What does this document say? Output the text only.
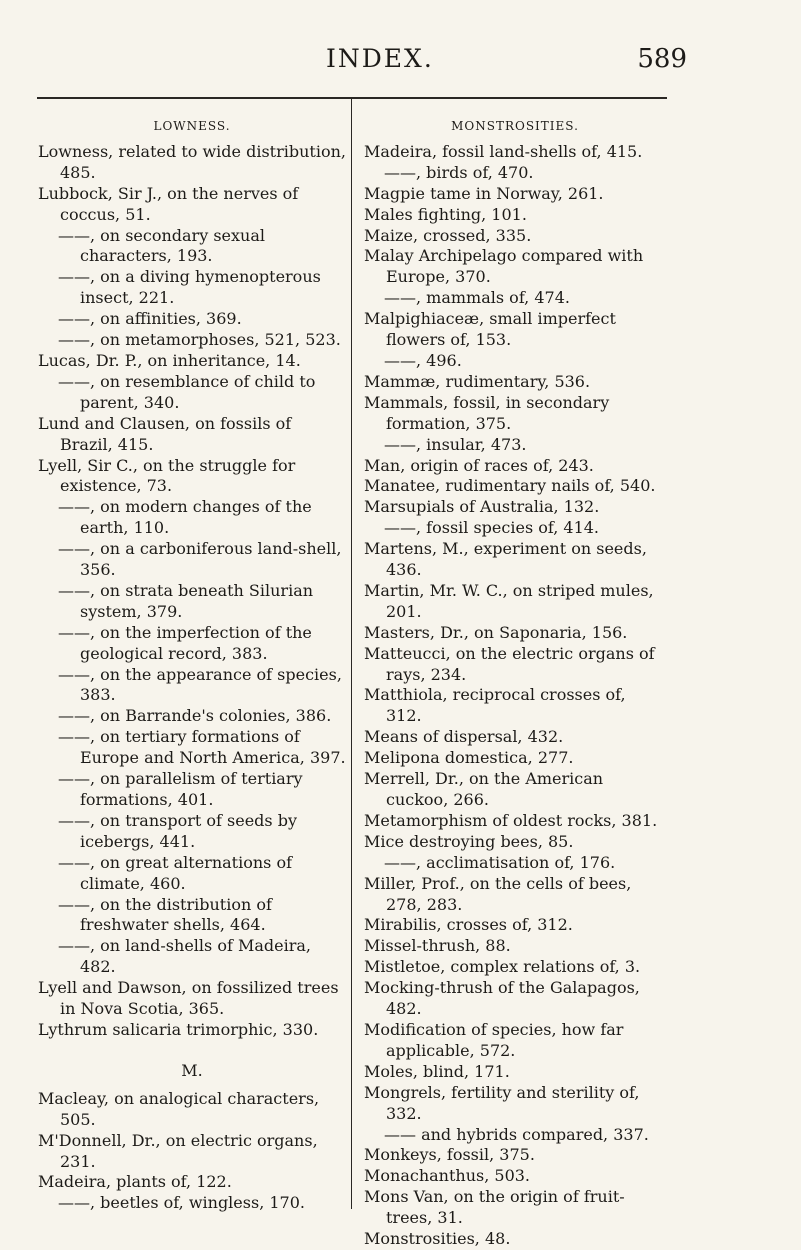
INDEX.	589
LOWNESS.
Lowness, related to wide distribution, 485.
Lubbock, Sir J., on the nerves of coccus, 51.
——, on secondary sexual characters, 193.
——, on a diving hymenopterous insect, 221.
——, on affinities, 369.
——, on metamorphoses, 521, 523.
Lucas, Dr. P., on inheritance, 14.
——, on resemblance of child to parent, 340.
Lund and Clausen, on fossils of Brazil, 415.
Lyell, Sir C., on the struggle for existence, 73.
——, on modern changes of the earth, 110.
——, on a carboniferous land-shell, 356.
——, on strata beneath Silurian system, 379.
——, on the imperfection of the geological record, 383.
——, on the appearance of species, 383.
——, on Barrande's colonies, 386.
——, on tertiary formations of Europe and North America, 397.
——, on parallelism of tertiary formations, 401.
——, on transport of seeds by icebergs, 441.
——, on great alternations of climate, 460.
——, on the distribution of freshwater shells, 464.
——, on land-shells of Madeira, 482.
Lyell and Dawson, on fossilized trees in Nova Scotia, 365.
Lythrum salicaria trimorphic, 330.
M.
Macleay, on analogical characters, 505.
M'Donnell, Dr., on electric organs, 231.
Madeira, plants of, 122.
——, beetles of, wingless, 170.
MONSTROSITIES.
Madeira, fossil land-shells of, 415.
——, birds of, 470.
Magpie tame in Norway, 261.
Males fighting, 101.
Maize, crossed, 335.
Malay Archipelago compared with Europe, 370.
——, mammals of, 474.
Malpighiaceæ, small imperfect flowers of, 153.
——, 496.
Mammæ, rudimentary, 536.
Mammals, fossil, in secondary formation, 375.
——, insular, 473.
Man, origin of races of, 243.
Manatee, rudimentary nails of, 540.
Marsupials of Australia, 132.
——, fossil species of, 414.
Martens, M., experiment on seeds, 436.
Martin, Mr. W. C., on striped mules, 201.
Masters, Dr., on Saponaria, 156.
Matteucci, on the electric organs of rays, 234.
Matthiola, reciprocal crosses of, 312.
Means of dispersal, 432.
Melipona domestica, 277.
Merrell, Dr., on the American cuckoo, 266.
Metamorphism of oldest rocks, 381.
Mice destroying bees, 85.
——, acclimatisation of, 176.
Miller, Prof., on the cells of bees, 278, 283.
Mirabilis, crosses of, 312.
Missel-thrush, 88.
Mistletoe, complex relations of, 3.
Mocking-thrush of the Galapagos, 482.
Modification of species, how far applicable, 572.
Moles, blind, 171.
Mongrels, fertility and sterility of, 332.
—— and hybrids compared, 337.
Monkeys, fossil, 375.
Monachanthus, 503.
Mons Van, on the origin of fruit-trees, 31.
Monstrosities, 48.
